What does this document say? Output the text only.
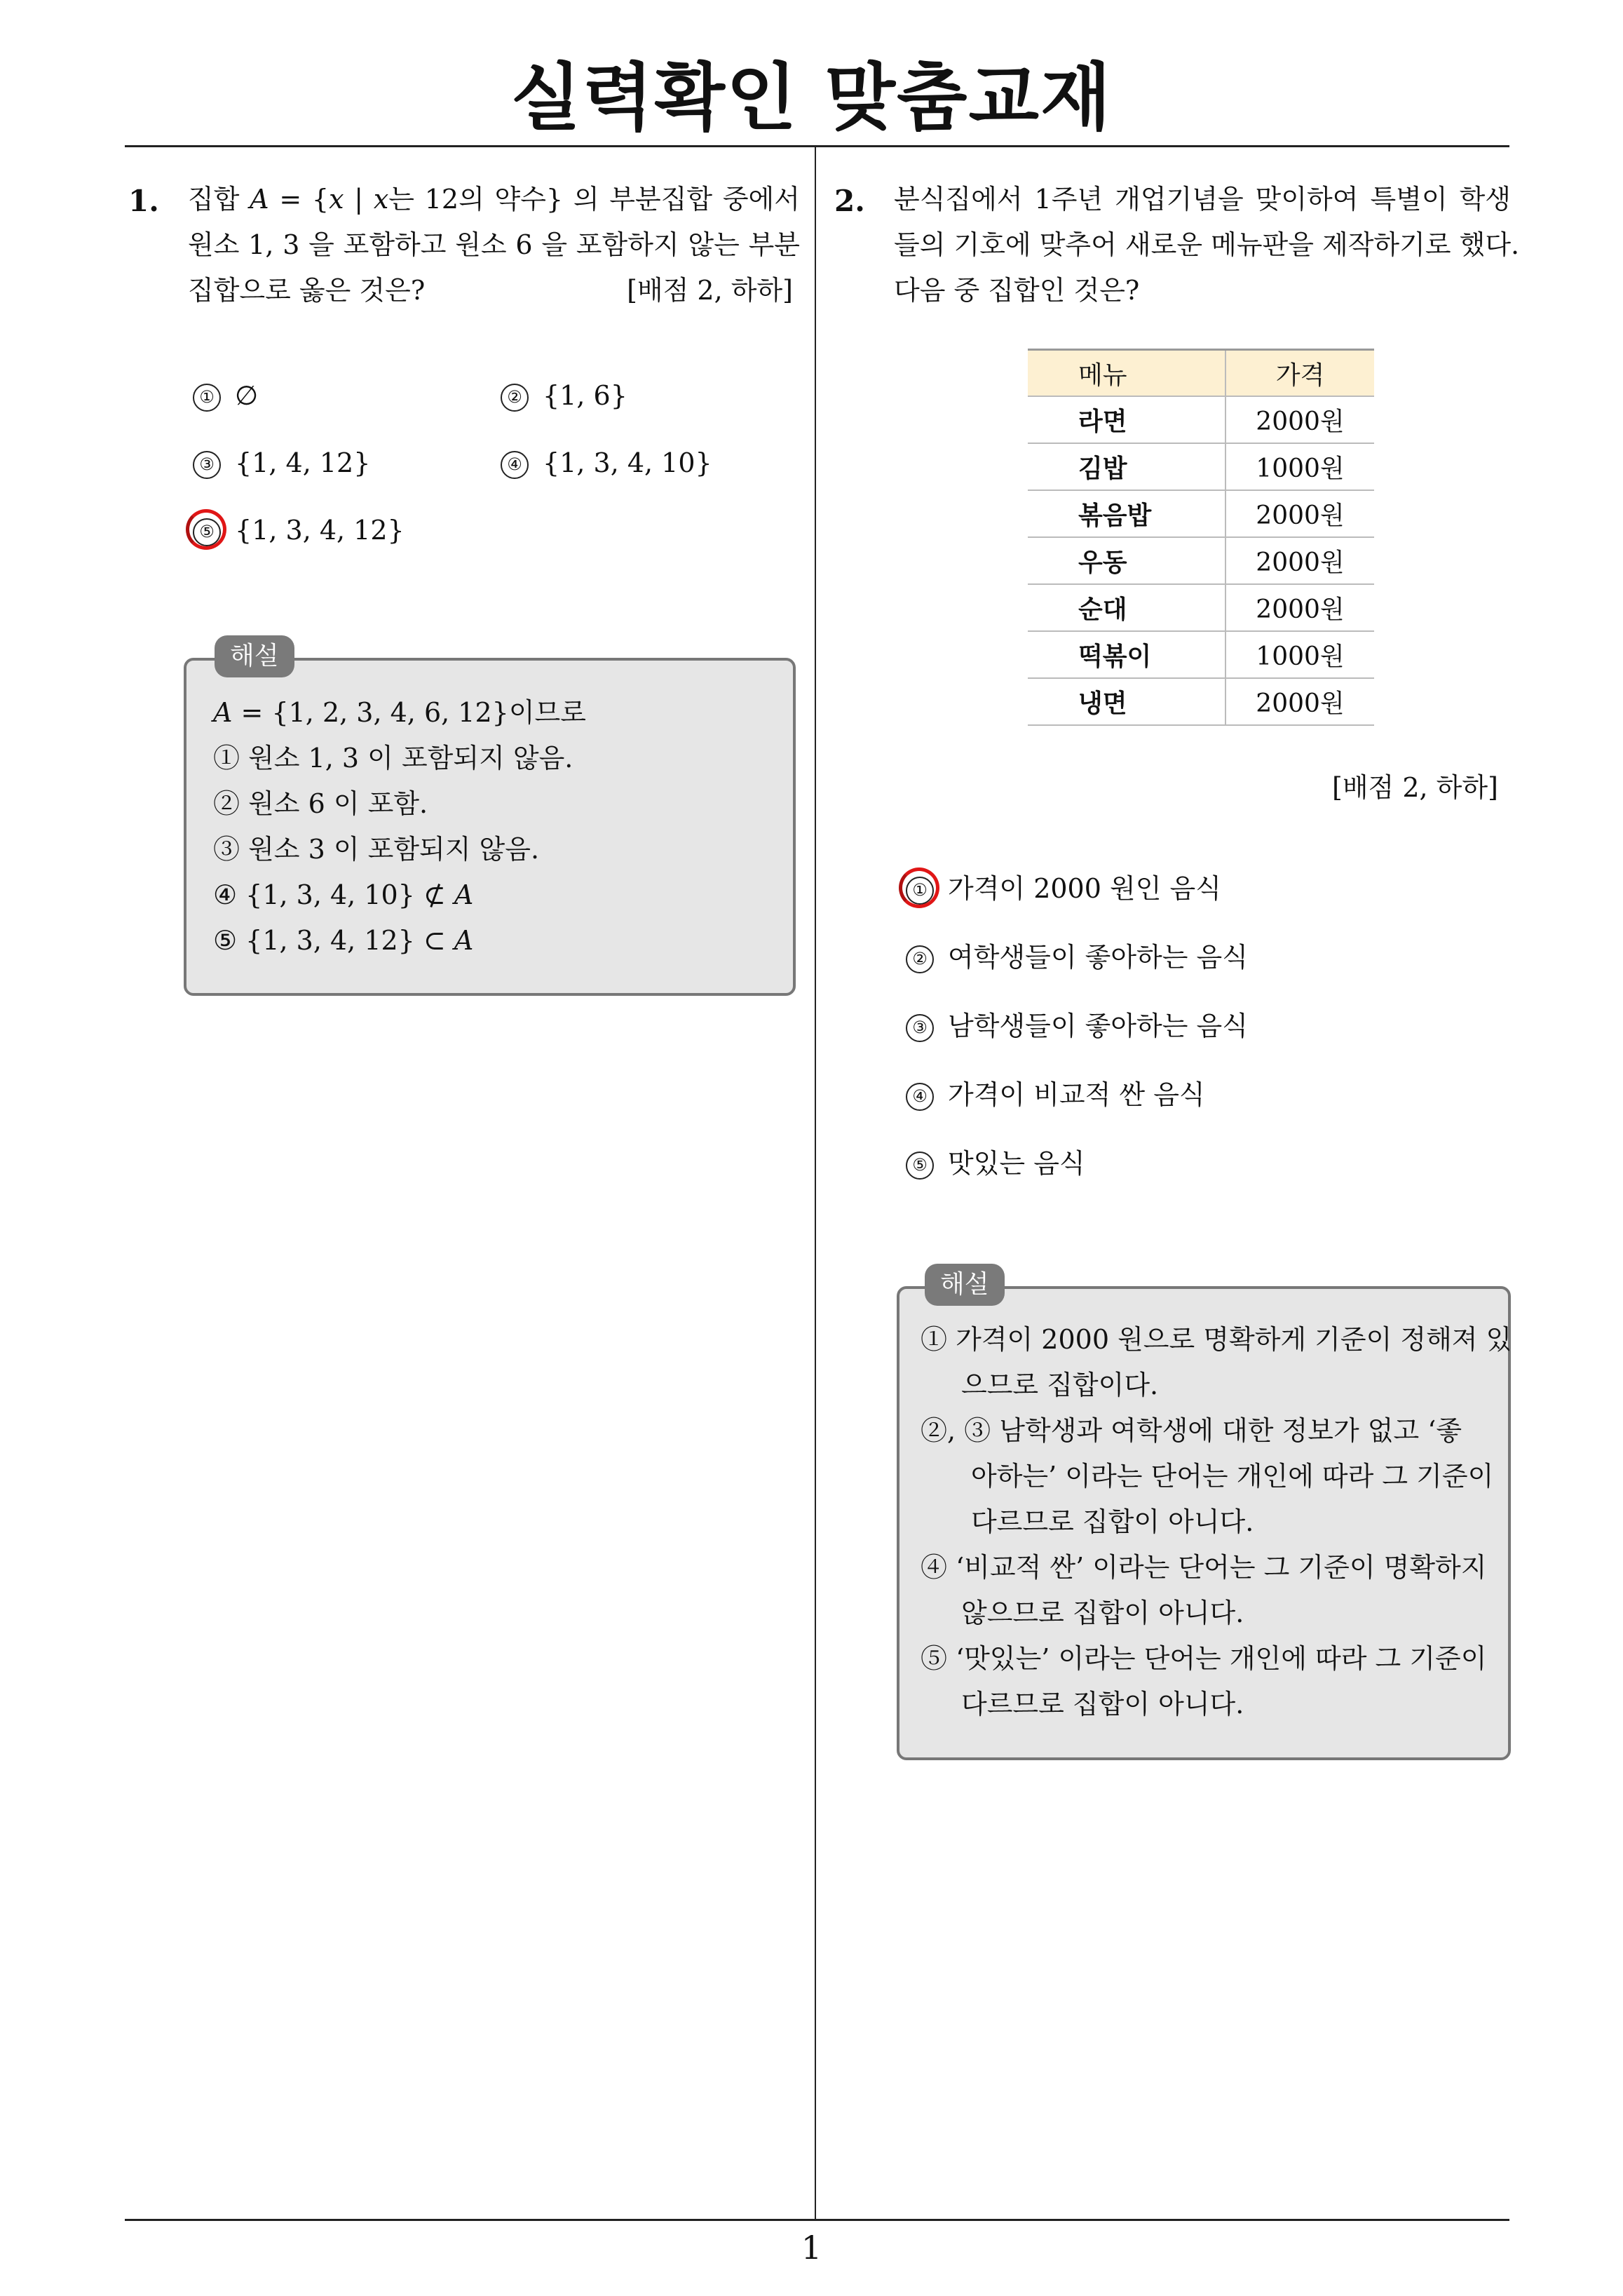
실력확인 맞춤교재
1
1. 집합 A = {x | x는 12의 약수} 의 부분집합 중에서
원소 1, 3 을 포함하고 원소 6 을 포함하지 않는 부분
집합으로 옳은 것은?	[배점 2, 하하]
① ∅	② {1, 6}
③ {1, 4, 12}	④ {1, 3, 4, 10}
⑤ {1, 3, 4, 12}
해설
A = {1, 2, 3, 4, 6, 12}이므로
① 원소 1, 3 이 포함되지 않음.
② 원소 6 이 포함.
③ 원소 3 이 포함되지 않음.
④ {1, 3, 4, 10} ⊄ A
⑤ {1, 3, 4, 12} ⊂ A
2. 분식집에서 1주년 개업기념을 맞이하여 특별이 학생
들의 기호에 맞추어 새로운 메뉴판을 제작하기로 했다.
다음 중 집합인 것은?
메뉴	가격
라면	2000원
김밥	1000원
볶음밥	2000원
우동	2000원
순대	2000원
떡볶이	1000원
냉면	2000원
[배점 2, 하하]
① 가격이 2000 원인 음식
② 여학생들이 좋아하는 음식
③ 남학생들이 좋아하는 음식
④ 가격이 비교적 싼 음식
⑤ 맛있는 음식
해설
① 가격이 2000 원으로 명확하게 기준이 정해져 있
으므로 집합이다.
②, ③ 남학생과 여학생에 대한 정보가 없고 ‘좋
아하는’ 이라는 단어는 개인에 따라 그 기준이
다르므로 집합이 아니다.
④ ‘비교적 싼’ 이라는 단어는 그 기준이 명확하지
않으므로 집합이 아니다.
⑤ ‘맛있는’ 이라는 단어는 개인에 따라 그 기준이
다르므로 집합이 아니다.
